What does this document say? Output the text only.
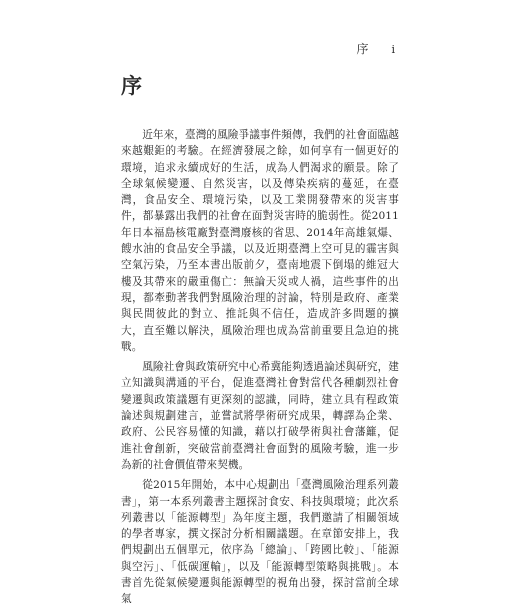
序 i
序

近年來，臺灣的風險爭議事件頻傳，我們的社會面臨越來越艱鉅的考驗。在經濟發展之餘，如何享有一個更好的環境，追求永續成好的生活，成為人們渴求的願景。除了全球氣候變遷、自然災害，以及傳染疾病的蔓延，在臺灣，食品安全、環境污染，以及工業開發帶來的災害事件，都暴露出我們的社會在面對災害時的脆弱性。從2011年日本福島核電廠對臺灣廢核的省思、2014年高雄氣爆、餿水油的食品安全爭議，以及近期臺灣上空可見的霾害與空氣污染，乃至本書出版前夕，臺南地震下倒塌的維冠大樓及其帶來的嚴重傷亡：無論天災或人禍，這些事件的出現，都牽動著我們對風險治理的討論，特別是政府、產業與民間彼此的對立、推託與不信任，造成許多問題的擴大，直至難以解決，風險治理也成為當前重要且急迫的挑戰。

風險社會與政策研究中心希冀能夠透過論述與研究，建立知識與溝通的平台，促進臺灣社會對當代各種劇烈社會變遷與政策議題有更深刻的認識，同時，建立具有程政策論述與規劃建言，並嘗試將學術研究成果，轉譯為企業、政府、公民容易懂的知識，藉以打破學術與社會藩籬，促進社會創新，突破當前臺灣社會面對的風險考驗，進一步為新的社會價值帶來契機。

從2015年開始，本中心規劃出「臺灣風險治理系列叢書」，第一本系列叢書主題探討食安、科技與環境；此次系列叢書以「能源轉型」為年度主題，我們邀請了相關領域的學者專家，撰文探討分析相關議題。在章節安排上，我們規劃出五個單元，依序為「總論」、「跨國比較」、「能源與空污」、「低碳運輸」，以及「能源轉型策略與挑戰」。本書首先從氣候變遷與能源轉型的視角出發，探討當前全球氣
